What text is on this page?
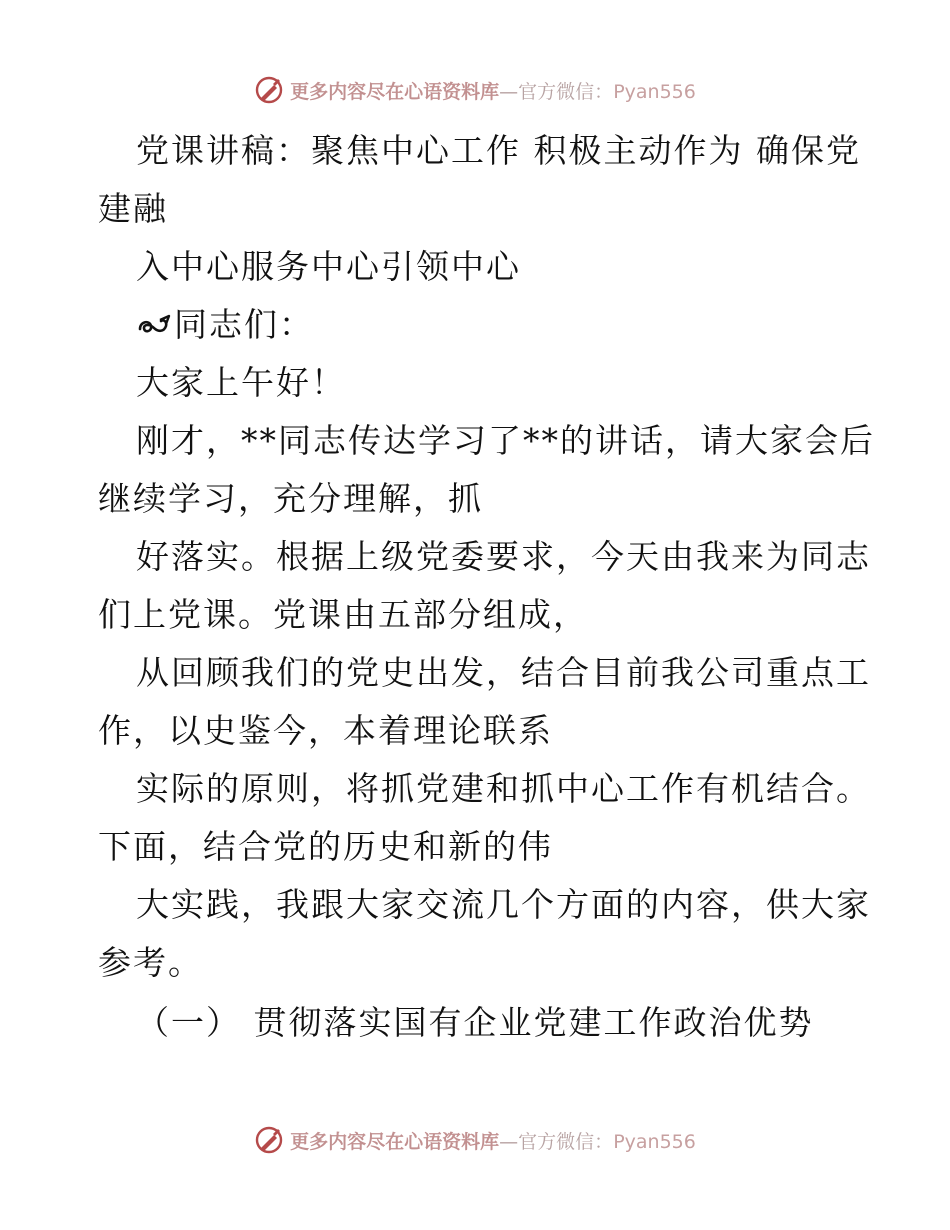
更多内容尽在心语资料库—官方微信：Pyan556

党课讲稿：聚焦中心工作 积极主动作为 确保党

建融

入中心服务中心引领中心

同志们：

大家上午好！

刚才，**同志传达学习了**的讲话，请大家会后

继续学习，充分理解，抓

好落实。根据上级党委要求，今天由我来为同志

们上党课。党课由五部分组成，

从回顾我们的党史出发，结合目前我公司重点工

作，以史鉴今，本着理论联系

实际的原则，将抓党建和抓中心工作有机结合。

下面，结合党的历史和新的伟

大实践，我跟大家交流几个方面的内容，供大家

参考。

（一） 贯彻落实国有企业党建工作政治优势

更多内容尽在心语资料库—官方微信：Pyan556
